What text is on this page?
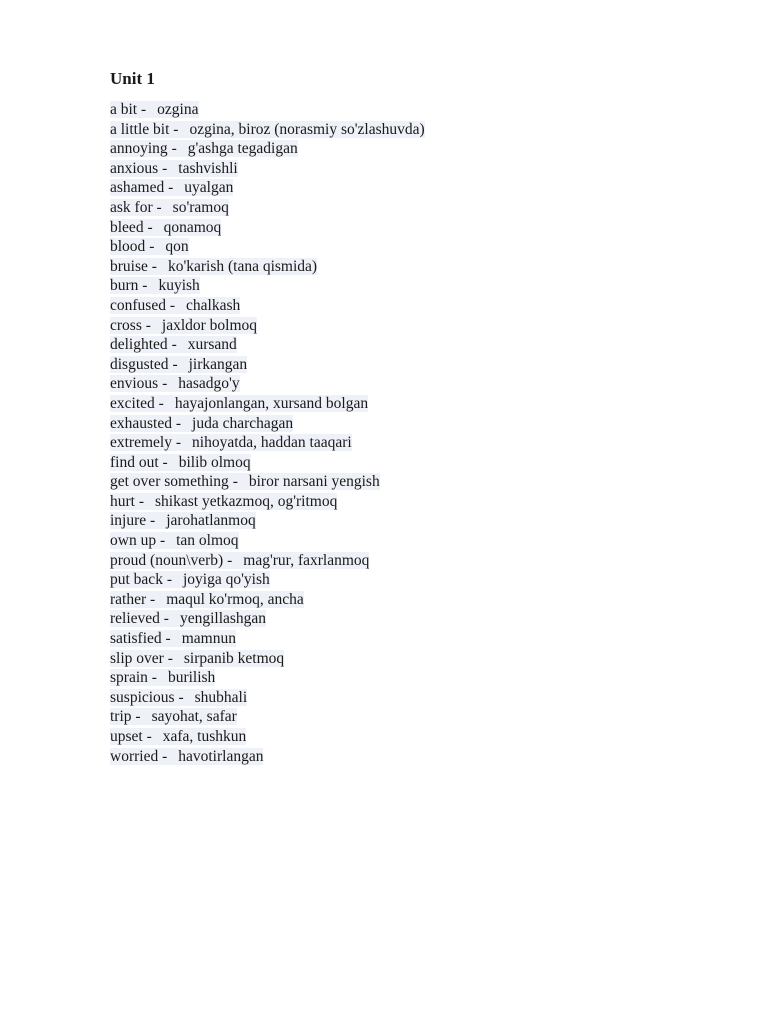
Unit 1
a bit - ozgina
a little bit - ozgina, biroz (norasmiy so'zlashuvda)
annoying - g'ashga tegadigan
anxious - tashvishli
ashamed - uyalgan
ask for - so'ramoq
bleed - qonamoq
blood - qon
bruise - ko'karish (tana qismida)
burn - kuyish
confused - chalkash
cross - jaxldor bolmoq
delighted - xursand
disgusted - jirkangan
envious - hasadgo'y
excited - hayajonlangan, xursand bolgan
exhausted - juda charchagan
extremely - nihoyatda, haddan taaqari
find out - bilib olmoq
get over something - biror narsani yengish
hurt - shikast yetkazmoq, og'ritmoq
injure - jarohatlanmoq
own up - tan olmoq
proud (noun\verb) - mag'rur, faxrlanmoq
put back - joyiga qo'yish
rather - maqul ko'rmoq, ancha
relieved - yengillashgan
satisfied - mamnun
slip over - sirpanib ketmoq
sprain - burilish
suspicious - shubhali
trip - sayohat, safar
upset - xafa, tushkun
worried - havotirlangan
